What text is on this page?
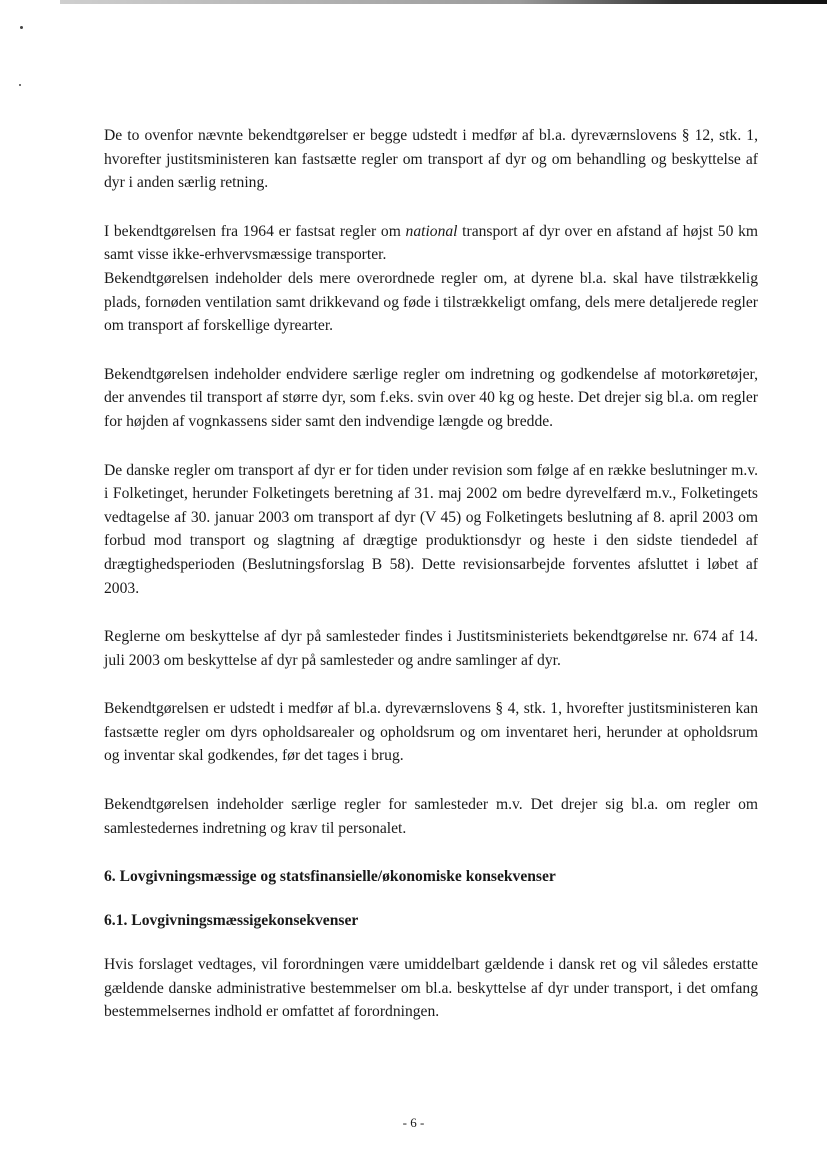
De to ovenfor nævnte bekendtgørelser er begge udstedt i medfør af bl.a. dyreværnslovens § 12, stk. 1, hvorefter justitsministeren kan fastsætte regler om transport af dyr og om behandling og beskyttelse af dyr i anden særlig retning.

I bekendtgørelsen fra 1964 er fastsat regler om national transport af dyr over en afstand af højst 50 km samt visse ikke-erhvervsmæssige transporter.

Bekendtgørelsen indeholder dels mere overordnede regler om, at dyrene bl.a. skal have tilstrækkelig plads, fornøden ventilation samt drikkevand og føde i tilstrækkeligt omfang, dels mere detaljerede regler om transport af forskellige dyrearter.

Bekendtgørelsen indeholder endvidere særlige regler om indretning og godkendelse af motorkøretøjer, der anvendes til transport af større dyr, som f.eks. svin over 40 kg og heste. Det drejer sig bl.a. om regler for højden af vognkassens sider samt den indvendige længde og bredde.

De danske regler om transport af dyr er for tiden under revision som følge af en række beslutninger m.v. i Folketinget, herunder Folketingets beretning af 31. maj 2002 om bedre dyrevelfærd m.v., Folketingets vedtagelse af 30. januar 2003 om transport af dyr (V 45) og Folketingets beslutning af 8. april 2003 om forbud mod transport og slagtning af drægtige produktionsdyr og heste i den sidste tiendedel af drægtighedsperioden (Beslutningsforslag B 58). Dette revisionsarbejde forventes afsluttet i løbet af 2003.

Reglerne om beskyttelse af dyr på samlesteder findes i Justitsministeriets bekendtgørelse nr. 674 af 14. juli 2003 om beskyttelse af dyr på samlesteder og andre samlinger af dyr.

Bekendtgørelsen er udstedt i medfør af bl.a. dyreværnslovens § 4, stk. 1, hvorefter justitsministeren kan fastsætte regler om dyrs opholdsarealer og opholdsrum og om inventaret heri, herunder at opholdsrum og inventar skal godkendes, før det tages i brug.

Bekendtgørelsen indeholder særlige regler for samlesteder m.v. Det drejer sig bl.a. om regler om samlestedernes indretning og krav til personalet.

6. Lovgivningsmæssige og statsfinansielle/økonomiske konsekvenser
6.1. Lovgivningsmæssigekonsekvenser

Hvis forslaget vedtages, vil forordningen være umiddelbart gældende i dansk ret og vil således erstatte gældende danske administrative bestemmelser om bl.a. beskyttelse af dyr under transport, i det omfang bestemmelsernes indhold er omfattet af forordningen.

- 6 -
